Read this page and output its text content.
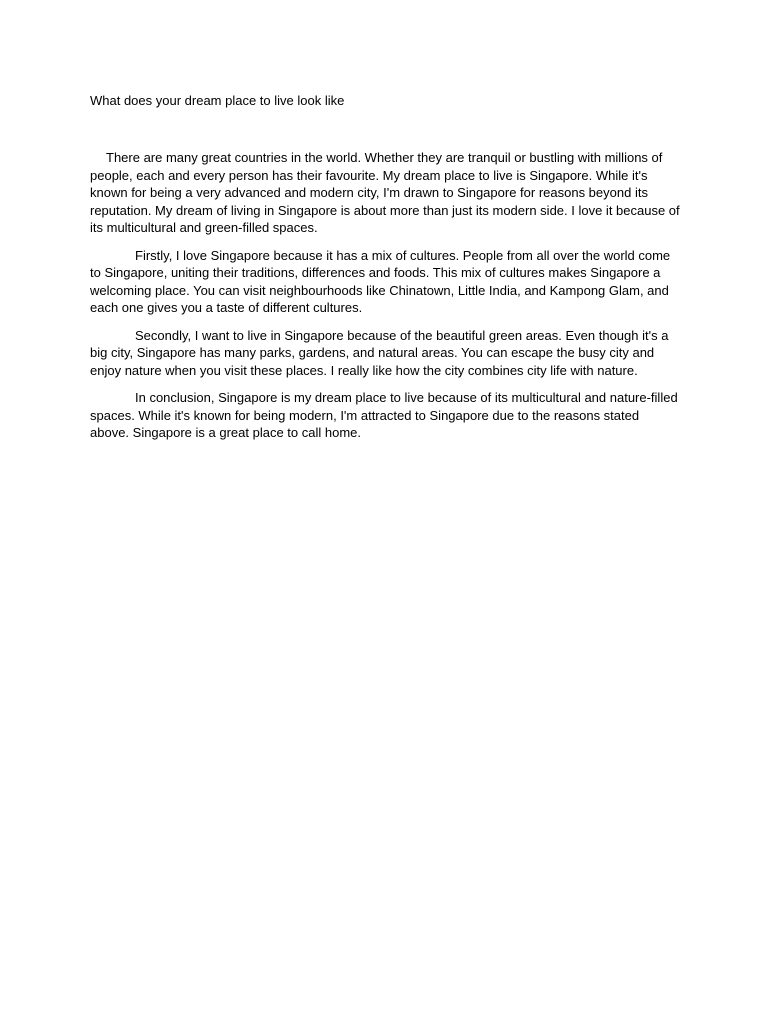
What does your dream place to live look like

There are many great countries in the world. Whether they are tranquil or bustling with millions of people, each and every person has their favourite. My dream place to live is Singapore. While it's known for being a very advanced and modern city, I'm drawn to Singapore for reasons beyond its reputation. My dream of living in Singapore is about more than just its modern side. I love it because of its multicultural and green-filled spaces.

Firstly, I love Singapore because it has a mix of cultures. People from all over the world come to Singapore, uniting their traditions, differences and foods. This mix of cultures makes Singapore a welcoming place. You can visit neighbourhoods like Chinatown, Little India, and Kampong Glam, and each one gives you a taste of different cultures.

Secondly, I want to live in Singapore because of the beautiful green areas. Even though it's a big city, Singapore has many parks, gardens, and natural areas. You can escape the busy city and enjoy nature when you visit these places. I really like how the city combines city life with nature.

In conclusion, Singapore is my dream place to live because of its multicultural and nature-filled spaces. While it's known for being modern, I'm attracted to Singapore due to the reasons stated above. Singapore is a great place to call home.
